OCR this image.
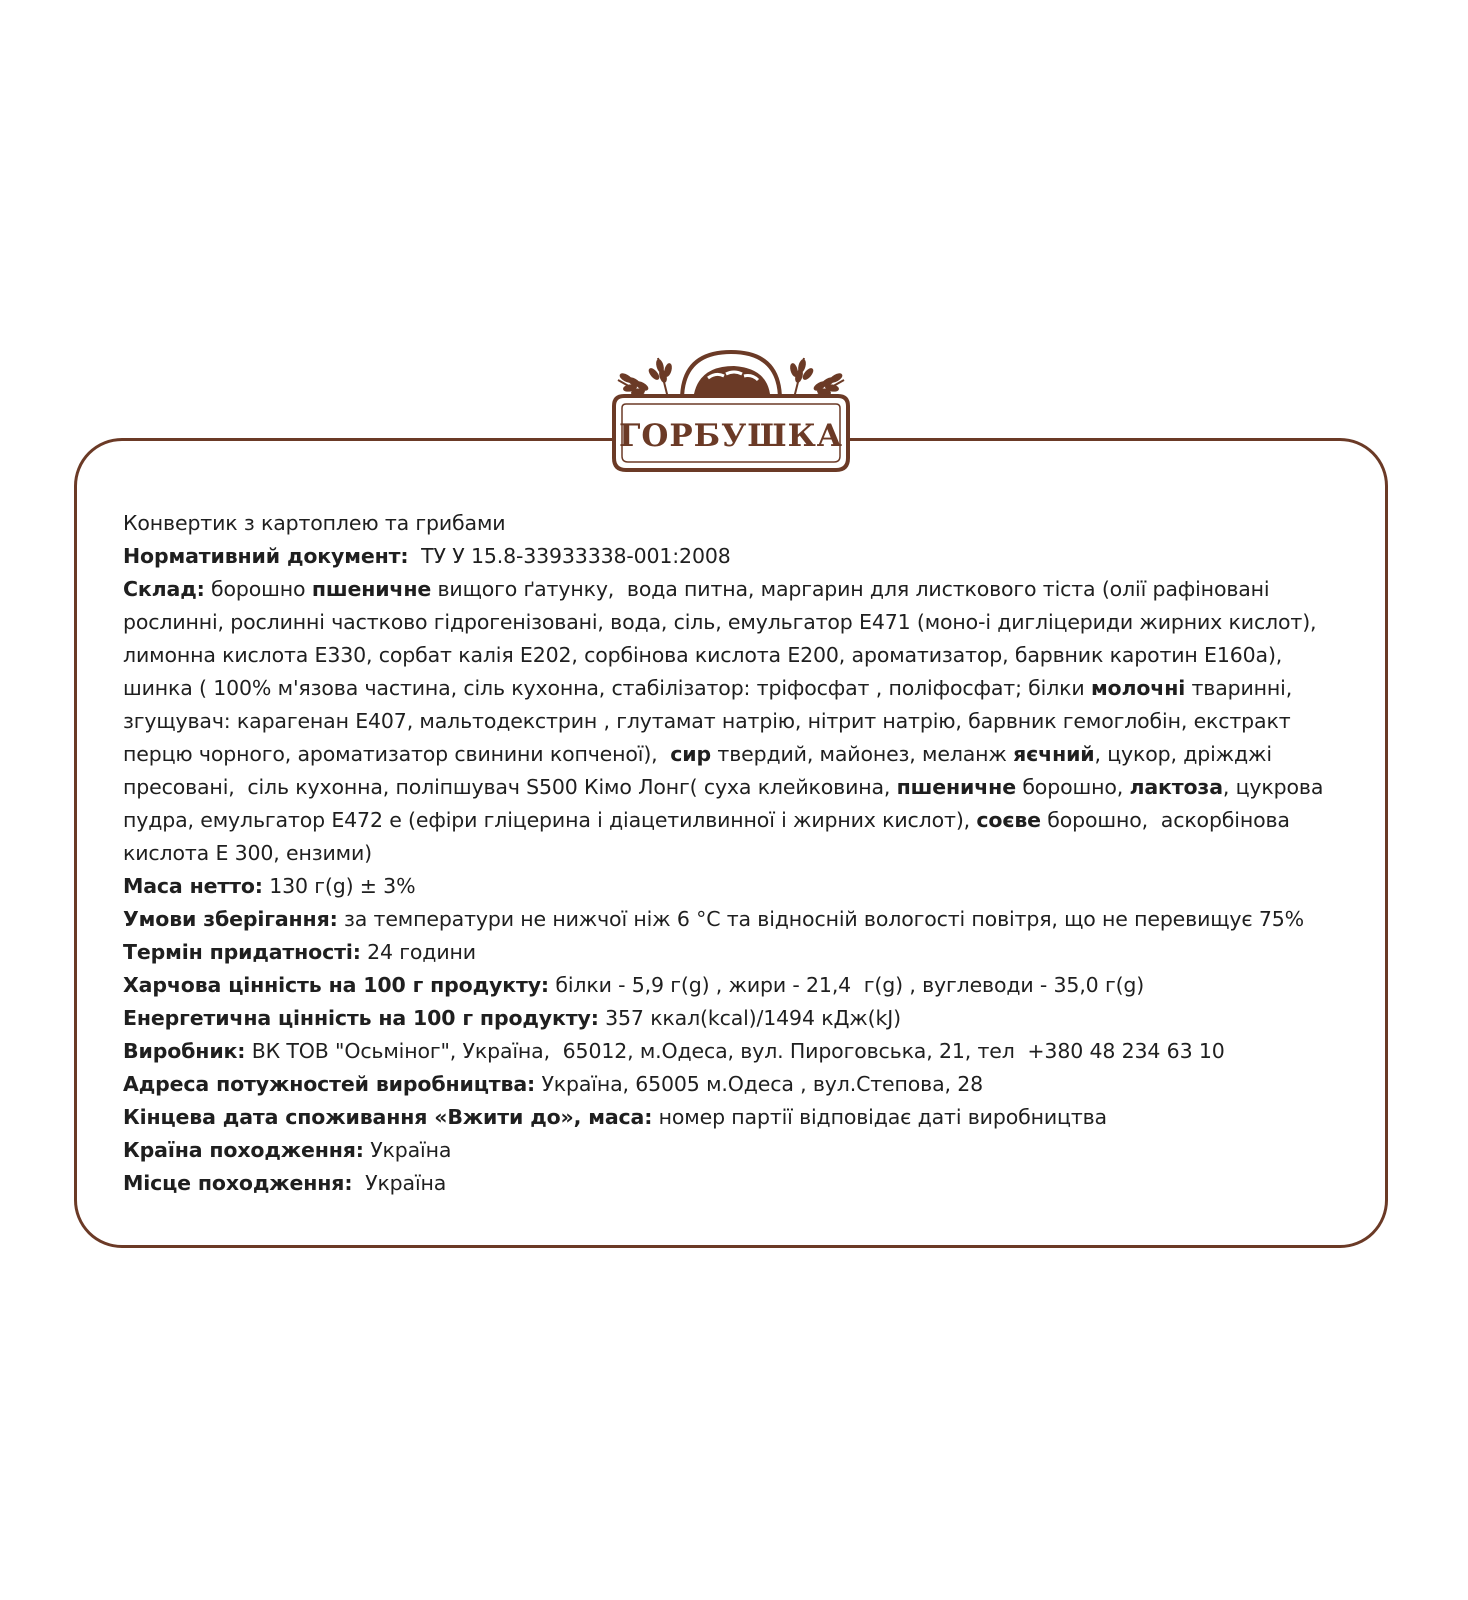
ГОРБУШКА
Конвертик з картоплею та грибами
Нормативний документ:  ТУ У 15.8-33933338-001:2008
Склад: борошно пшеничне вищого ґатунку,  вода питна, маргарин для листкового тіста (олії рафіновані рослинні, рослинні частково гідрогенізовані, вода, сіль, емульгатор Е471 (моно-і дигліцериди жирних кислот), лимонна кислота Е330, сорбат калія Е202, сорбінова кислота Е200, ароматизатор, барвник каротин Е160а), шинка ( 100% м'язова частина, сіль кухонна, стабілізатор: тріфосфат , поліфосфат; білки молочні тваринні, згущувач: карагенан Е407, мальтодекстрин , глутамат натрію, нітрит натрію, барвник гемоглобін, екстракт перцю чорного, ароматизатор свинини копченої),  сир твердий, майонез, меланж яєчний, цукор, дріжджі пресовані,  сіль кухонна, поліпшувач S500 Кімо Лонг( суха клейковина, пшеничне борошно, лактоза, цукрова пудра, емульгатор Е472 е (ефіри гліцерина і діацетилвинної і жирних кислот), соєве борошно,  аскорбінова кислота Е 300, ензими)
Маса нетто: 130 г(g) ± 3%
Умови зберігання: за температури не нижчої ніж 6 °С та відносній вологості повітря, що не перевищує 75%
Термін придатності: 24 години
Харчова цінність на 100 г продукту: білки - 5,9 г(g) , жири - 21,4  г(g) , вуглеводи - 35,0 г(g)
Енергетична цінність на 100 г продукту: 357 ккал(kcal)/1494 кДж(kJ)
Виробник: ВК ТОВ "Осьміног", Україна,  65012, м.Одеса, вул. Пироговська, 21, тел  +380 48 234 63 10
Адреса потужностей виробництва: Україна, 65005 м.Одеса , вул.Степова, 28
Кінцева дата споживання «Вжити до», маса: номер партії відповідає даті виробництва
Країна походження: Україна
Місце походження:  Україна
